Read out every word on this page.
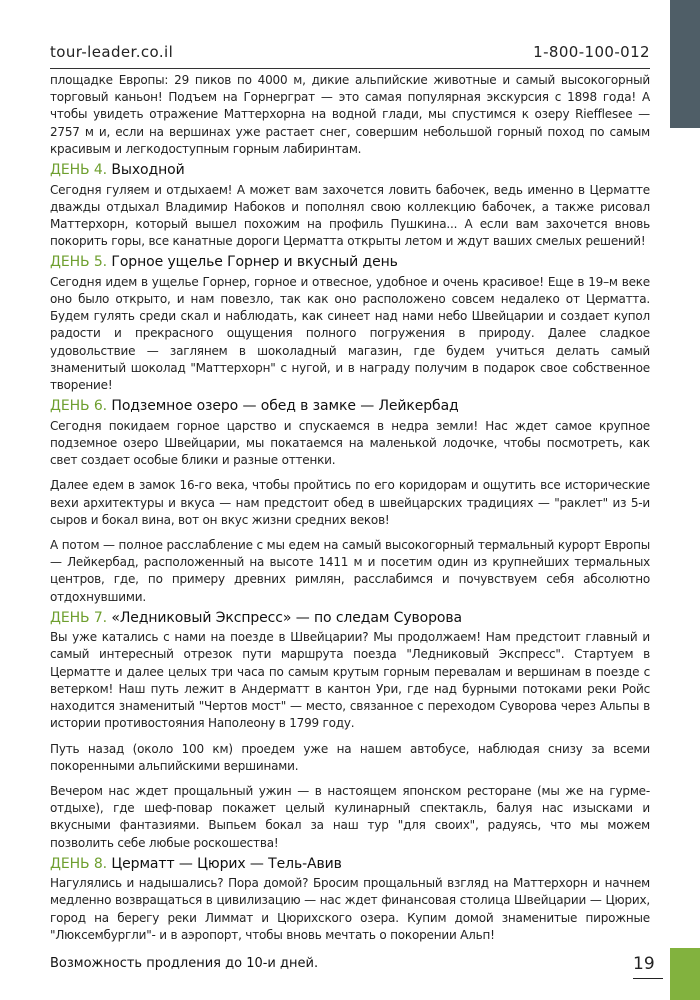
tour-leader.co.il	1-800-100-012

площадке Европы: 29 пиков по 4000 м, дикие альпийские животные и самый высокогорный торговый каньон! Подъем на Горнерграт — это самая популярная экскурсия с 1898 года! А чтобы увидеть отражение Маттерхорна на водной глади, мы спустимся к озеру Riefflesee — 2757 м и, если на вершинах уже растает снег, совершим небольшой горный поход по самым красивым и легкодоступным горным лабиринтам.

ДЕНЬ 4. Выходной

Сегодня гуляем и отдыхаем! А может вам захочется ловить бабочек, ведь именно в Церматте дважды отдыхал Владимир Набоков и пополнял свою коллекцию бабочек, а также рисовал Маттерхорн, который вышел похожим на профиль Пушкина... А если вам захочется вновь покорить горы, все канатные дороги Церматта открыты летом и ждут ваших смелых решений!

ДЕНЬ 5. Горное ущелье Горнер и вкусный день

Сегодня идем в ущелье Горнер, горное и отвесное, удобное и очень красивое! Еще в 19–м веке оно было открыто, и нам повезло, так как оно расположено совсем недалеко от Церматта. Будем гулять среди скал и наблюдать, как синеет над нами небо Швейцарии и создает купол радости и прекрасного ощущения полного погружения в природу. Далее сладкое удовольствие — заглянем в шоколадный магазин, где будем учиться делать самый знаменитый шоколад "Маттерхорн" с нугой, и в награду получим в подарок свое собственное творение!

ДЕНЬ 6. Подземное озеро — обед в замке — Лейкербад

Сегодня покидаем горное царство и спускаемся в недра земли! Нас ждет самое крупное подземное озеро Швейцарии, мы покатаемся на маленькой лодочке, чтобы посмотреть, как свет создает особые блики и разные оттенки.

Далее едем в замок 16-го века, чтобы пройтись по его коридорам и ощутить все исторические вехи архитектуры и вкуса — нам предстоит обед в швейцарских традициях — "раклет" из 5-и сыров и бокал вина, вот он вкус жизни средних веков!

А потом — полное расслабление с мы едем на самый высокогорный термальный курорт Европы — Лейкербад, расположенный на высоте 1411 м и посетим один из крупнейших термальных центров, где, по примеру древних римлян, расслабимся и почувствуем себя абсолютно отдохнувшими.

ДЕНЬ 7. «Ледниковый Экспресс» — по следам Суворова

Вы уже катались с нами на поезде в Швейцарии? Мы продолжаем! Нам предстоит главный и самый интересный отрезок пути маршрута поезда "Ледниковый Экспресс". Стартуем в Церматте и далее целых три часа по самым крутым горным перевалам и вершинам в поезде с ветерком! Наш путь лежит в Андерматт в кантон Ури, где над бурными потоками реки Ройс находится знаменитый "Чертов мост" — место, связанное с переходом Суворова через Альпы в истории противостояния Наполеону в 1799 году.

Путь назад (около 100 км) проедем уже на нашем автобусе, наблюдая снизу за всеми покоренными альпийскими вершинами.

Вечером нас ждет прощальный ужин — в настоящем японском ресторане (мы же на гурме-отдыхе), где шеф-повар покажет целый кулинарный спектакль, балуя нас изысками и вкусными фантазиями. Выпьем бокал за наш тур "для своих", радуясь, что мы можем позволить себе любые роскошества!

ДЕНЬ 8. Церматт — Цюрих — Тель-Авив

Нагулялись и надышались? Пора домой? Бросим прощальный взгляд на Маттерхорн и начнем медленно возвращаться в цивилизацию — нас ждет финансовая столица Швейцарии — Цюрих, город на берегу реки Лиммат и Цюрихского озера. Купим домой знаменитые пирожные "Люксембургли"- и в аэропорт, чтобы вновь мечтать о покорении Альп!

Возможность продления до 10-и дней.	19
